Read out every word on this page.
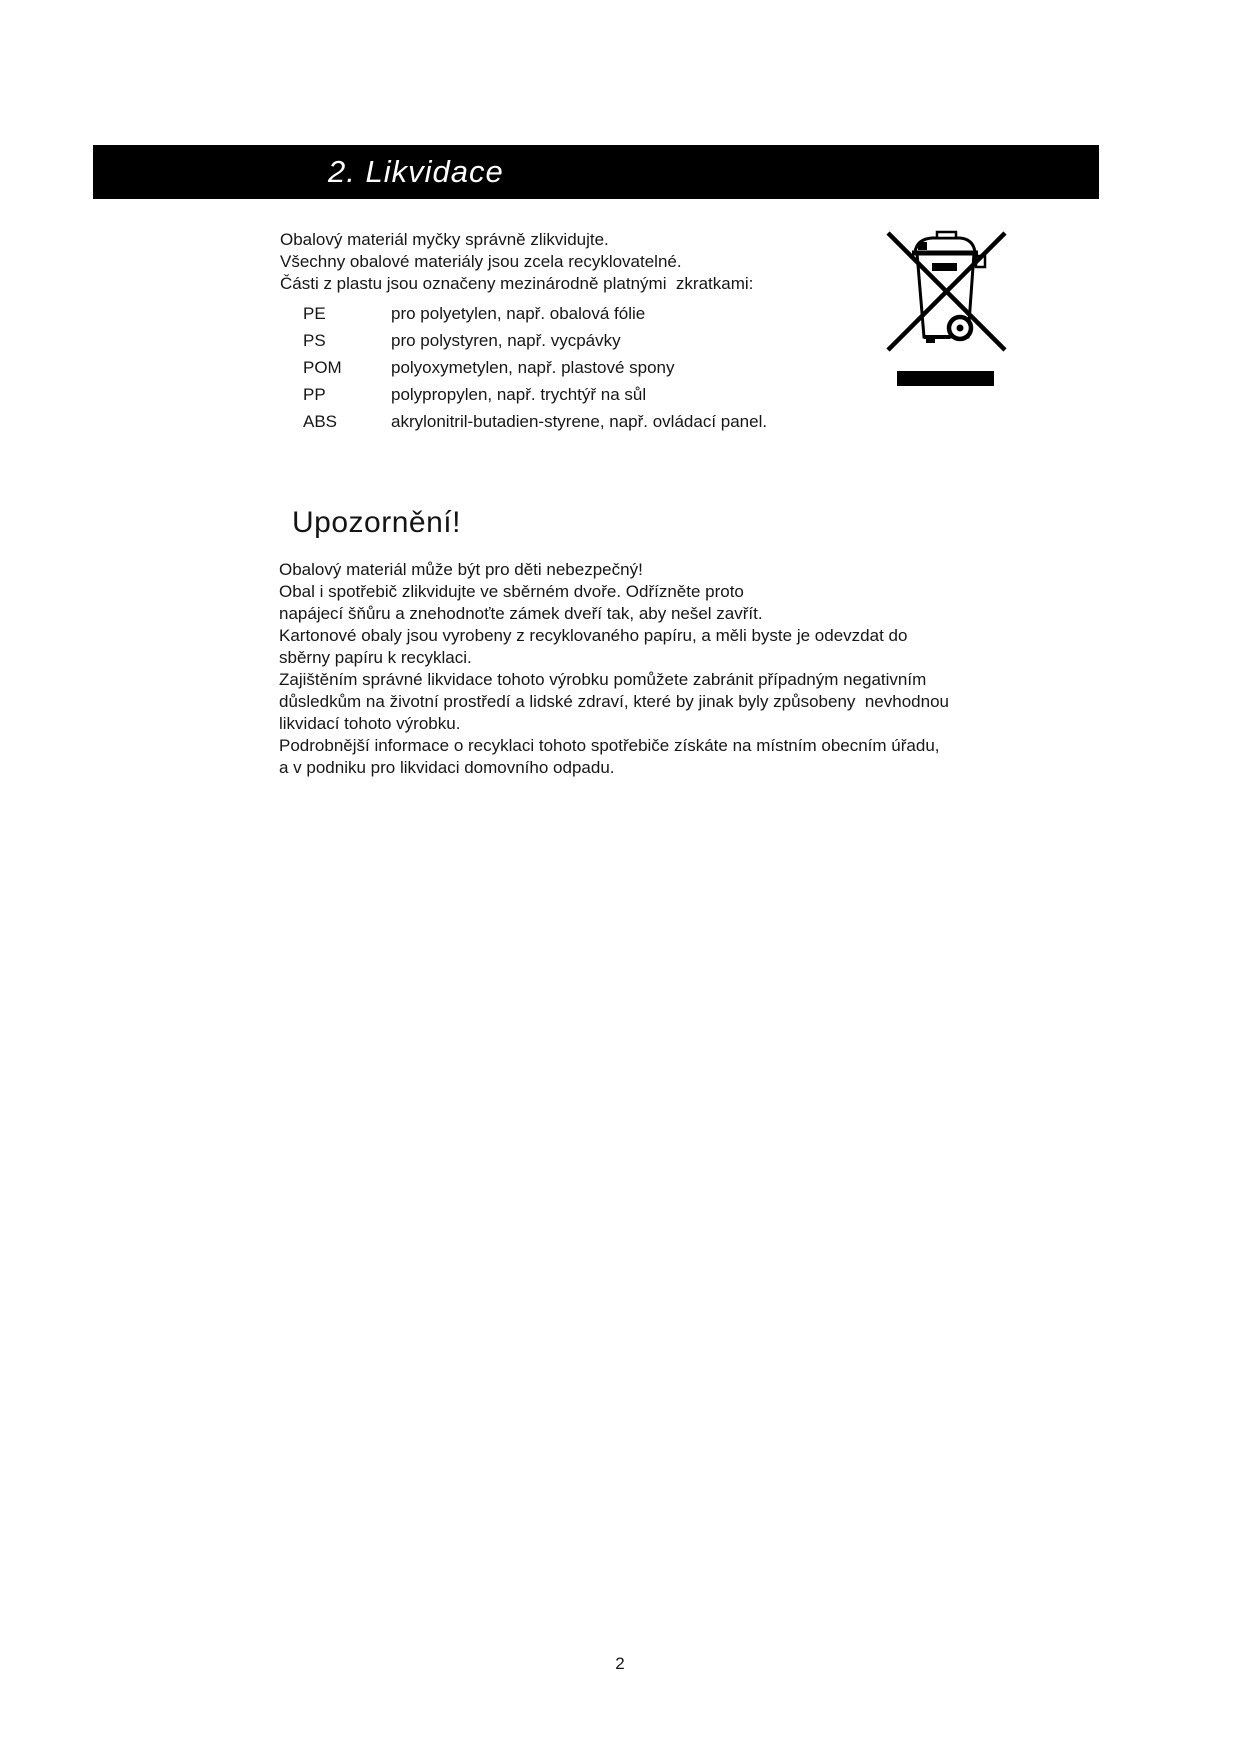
2. Likvidace
Obalový materiál myčky správně zlikvidujte.
Všechny obalové materiály jsou zcela recyklovatelné.
Části z plastu jsou označeny mezinárodně platnými  zkratkami:
PE	pro polyetylen, např. obalová fólie
PS	pro polystyren, např. vycpávky
POM	polyoxymetylen, např. plastové spony
PP	polypropylen, např. trychtýř na sůl
ABS	akrylonitril-butadien-styrene, např. ovládací panel.
Upozornění!
Obalový materiál může být pro děti nebezpečný!
Obal i spotřebič zlikvidujte ve sběrném dvoře. Odřízněte proto
napájecí šňůru a znehodnoťte zámek dveří tak, aby nešel zavřít.
Kartonové obaly jsou vyrobeny z recyklovaného papíru, a měli byste je odevzdat do
sběrny papíru k recyklaci.
Zajištěním správné likvidace tohoto výrobku pomůžete zabránit případným negativním
důsledkům na životní prostředí a lidské zdraví, které by jinak byly způsobeny  nevhodnou
likvidací tohoto výrobku.
Podrobnější informace o recyklaci tohoto spotřebiče získáte na místním obecním úřadu,
a v podniku pro likvidaci domovního odpadu.
2
